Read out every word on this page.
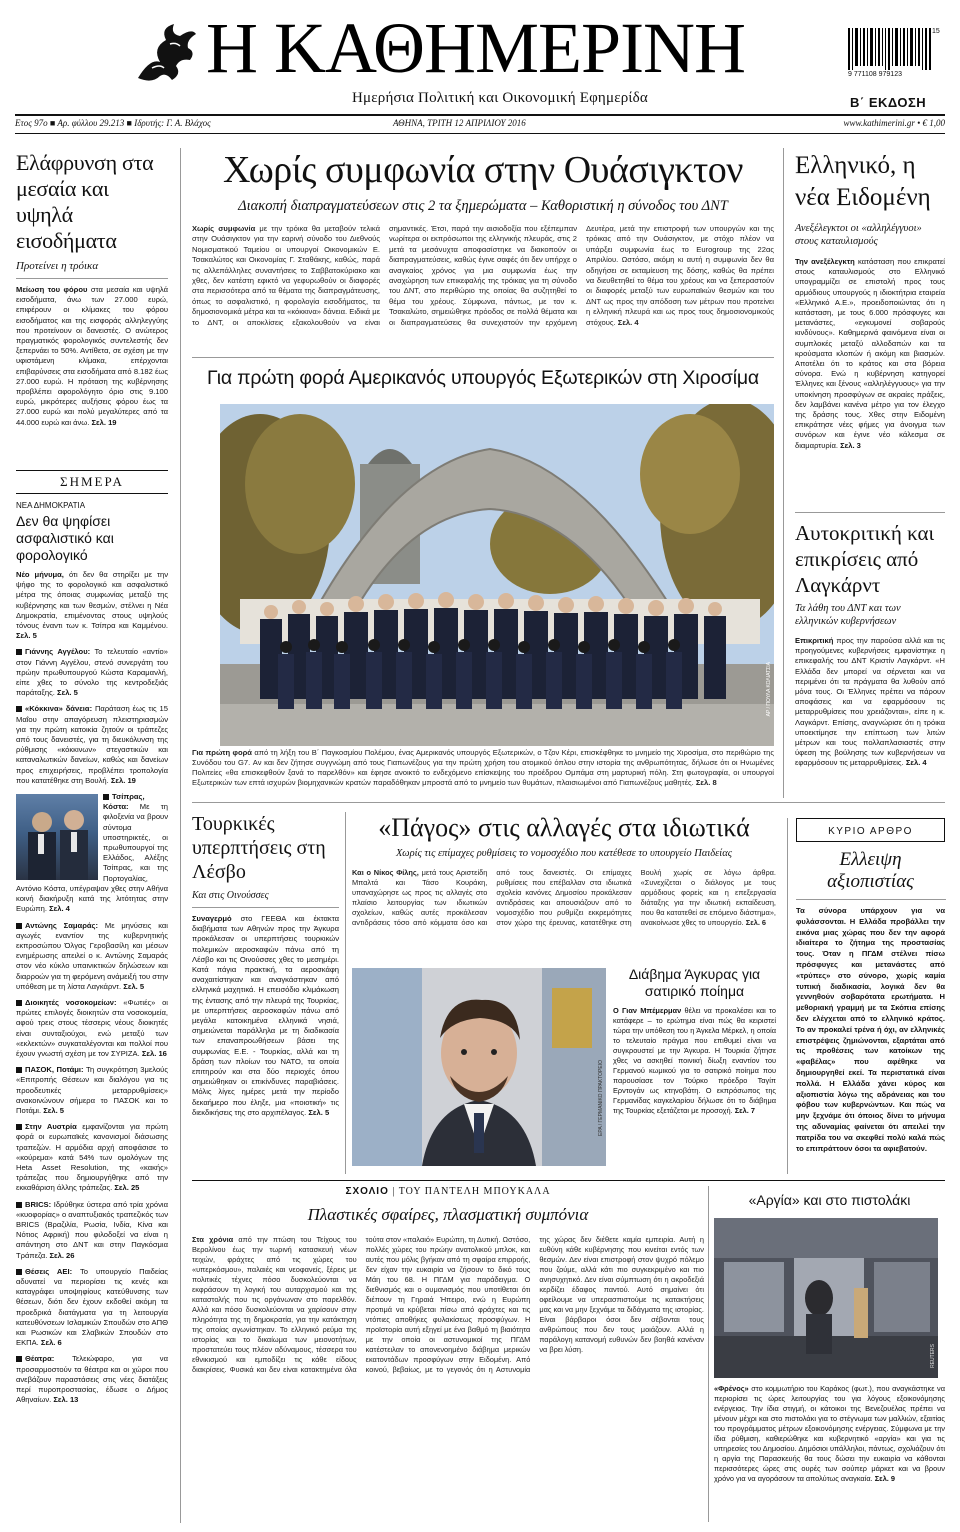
Η ΚΑΘΗΜΕΡΙΝΗ
Ημερήσια Πολιτική και Οικονομική Εφημερίδα
15
9 771108 979123
Β΄ ΕΚΔΟΣΗ
Ετος 97ο ■ Αρ. φύλλου 29.213 ■ Ιδρυτής: Γ. Α. Βλάχος	ΑΘΗΝΑ, ΤΡΙΤΗ 12 ΑΠΡΙΛΙΟΥ 2016	www.kathimerini.gr • € 1,00
Ελάφρυνση στα μεσαία και υψηλά εισοδήματα
Προτείνει η τρόικα
Μείωση του φόρου στα μεσαία και υψηλά εισοδήματα, άνω των 27.000 ευρώ, επιφέρουν οι κλίμακες του φόρου εισοδήματος και της εισφοράς αλληλεγγύης που προτείνουν οι δανειστές. Ο ανώτερος πραγματικός φορολογικός συντελεστής δεν ξεπερνάει το 50%. Αντίθετα, σε σχέση με την υφιστάμενη κλίμακα, επέρχονται επιβαρύνσεις στα εισοδήματα από 8.182 έως 27.000 ευρώ. Η πρόταση της κυβέρνησης προβλέπει αφορολόγητο όριο στις 9.100 ευρώ, μικρότερες αυξήσεις φόρου έως τα 27.000 ευρώ και πολύ μεγαλύτερες από τα 44.000 ευρώ και άνω. Σελ. 19
ΣΗΜΕΡΑ
ΝΕΑ ΔΗΜΟΚΡΑΤΙΑ
Δεν θα ψηφίσει ασφαλιστικό και φορολογικό
Νέο μήνυμα, ότι δεν θα στηρίξει με την ψήφο της το φορολογικό και ασφαλιστικό μέτρα της όποιας συμφωνίας μεταξύ της κυβέρνησης και των θεσμών, στέλνει η Νέα Δημοκρατία, επιμένοντας στους υψηλούς τόνους έναντι των κ. Τσίπρα και Καμμένου. Σελ. 5
Γιάννης Αγγέλου: Το τελευταίο «αντίο» στον Γιάννη Αγγέλου, στενό συνεργάτη του πρώην πρωθυπουργού Κώστα Καραμανλή, είπε χθες το σύνολο της κεντροδεξιάς παράταξης. Σελ. 5
«Κόκκινα» δάνεια: Παράταση έως τις 15 Μαΐου στην απαγόρευση πλειστηριασμών για την πρώτη κατοικία ζητούν οι τράπεζες από τους δανειστές, για τη διευκόλυνση της ρύθμισης «κόκκινων» στεγαστικών και καταναλωτικών δανείων, καθώς και δανείων προς επιχειρήσεις, προβλέπει τροπολογία που κατατέθηκε στη Βουλή. Σελ. 19
Τσίπρας, Κόστα: Με τη φιλοξενία να βρουν σύντομα υποστηρικτές, οι πρωθυπουργοί της Ελλάδος, Αλέξης Τσίπρας, και της Πορτογαλίας, Αντόνιο Κόστα, υπέγραψαν χθες στην Αθήνα κοινή διακήρυξη κατά της λιτότητας στην Ευρώπη. Σελ. 4
Αντώνης Σαμαράς: Με μηνύσεις και αγωγές εναντίον της κυβερνητικής εκπροσώπου Όλγας Γεροβασίλη και μέσων ενημέρωσης απειλεί ο κ. Αντώνης Σαμαράς στον νέο κύκλο υπαινικτικών δηλώσεων και διαρροών για τη φερόμενη ανάμειξή του στην υπόθεση με τη λίστα Λαγκάρντ. Σελ. 5
Διοικητές νοσοκομείων: «Φωτιές» οι πρώτες επιλογές διοικητών στα νοσοκομεία, αφού τρεις στους τέσσερις νέους διοικητές είναι συνταξιούχοι, ενώ μεταξύ των «εκλεκτών» συγκαταλέγονται και πολλοί που έχουν γνωστή σχέση με τον ΣΥΡΙΖΑ. Σελ. 16
ΠΑΣΟΚ, Ποτάμι: Τη συγκρότηση 3μελούς «Επιτροπής Θέσεων και διαλόγου για τις προοδευτικές μεταρρυθμίσεις» ανακοινώνουν σήμερα το ΠΑΣΟΚ και το Ποτάμι. Σελ. 5
Στην Αυστρία εμφανίζονται για πρώτη φορά οι ευρωπαϊκές κανονισμοί διάσωσης τραπεζών. Η αρμόδια αρχή αποφάσισε το «κούρεμα» κατά 54% των ομολόγων της Heta Asset Resolution, της «κακής» τράπεζας που δημιουργήθηκε από την εκκαθάριση άλλης τράπεζας. Σελ. 25
BRICS: Ιδρύθηκε ύστερα από τρία χρόνια «κυοφορίας» ο αναπτυξιακός τραπεζικός των BRICS (Βραζιλία, Ρωσία, Ινδία, Κίνα και Νότιος Αφρική) που φιλοδοξεί να είναι η απάντηση στο ΔΝΤ και στην Παγκόσμια Τράπεζα. Σελ. 26
Θέσεις ΑΕΙ: Το υπουργείο Παιδείας αδυνατεί να περιορίσει τις κενές και καταγράφει υποψηφίους κατεύθυνσης των θέσεων, διότι δεν έχουν εκδοθεί ακόμη τα προεδρικά διατάγματα για τη λειτουργία κατευθύνσεων Ισλαμικών Σπουδών στο ΑΠΘ και Ρωσικών και Σλαβικών Σπουδών στο ΕΚΠΑ. Σελ. 6
Θέατρα: Τελειώφαρο, για να προσαρμοστούν τα θέατρα και οι χώροι που ανεβάζουν παραστάσεις στις νέες διατάξεις περί πυροπροστασίας, έδωσε ο Δήμος Αθηναίων. Σελ. 13
Χωρίς συμφωνία στην Ουάσιγκτον
Διακοπή διαπραγματεύσεων στις 2 τα ξημερώματα – Καθοριστική η σύνοδος του ΔΝΤ
Χωρίς συμφωνία με την τρόικα θα μεταβούν τελικά στην Ουάσιγκτον για την εαρινή σύνοδο του Διεθνούς Νομισματικού Ταμείου οι υπουργοί Οικονομικών Ε. Τσακαλώτος και Οικονομίας Γ. Σταθάκης, καθώς, παρά τις αλλεπάλληλες συναντήσεις το Σαββατοκύριακο και χθες, δεν κατέστη εφικτό να γεφυρωθούν οι διαφορές στα περισσότερα από τα θέματα της διαπραγμάτευσης, όπως το ασφαλιστικό, η φορολογία εισοδήματος, τα δημοσιονομικά μέτρα και τα «κόκκινα» δάνεια. Ειδικά με το ΔΝΤ, οι αποκλίσεις εξακολουθούν να είναι σημαντικές. Έτσι, παρά την αισιοδοξία που εξέπεμπαν νωρίτερα οι εκπρόσωποι της ελληνικής πλευράς, στις 2 μετά τα μεσάνυχτα αποφασίστηκε να διακοπούν οι διαπραγματεύσεις, καθώς έγινε σαφές ότι δεν υπήρχε ο αναγκαίος χρόνος για μια συμφωνία έως την αναχώρηση των επικεφαλής της τρόικας για τη σύνοδο του ΔΝΤ, στο περιθώριο της οποίας θα συζητηθεί το θέμα του χρέους. Σύμφωνα, πάντως, με τον κ. Τσακαλώτο, σημειώθηκε πρόοδος σε πολλά θέματα και οι διαπραγματεύσεις θα συνεχιστούν την ερχόμενη Δευτέρα, μετά την επιστροφή των υπουργών και της τρόικας από την Ουάσιγκτον, με στόχο πλέον να υπάρξει συμφωνία έως το Eurogroup της 22ας Απριλίου. Ωστόσο, ακόμη κι αυτή η συμφωνία δεν θα οδηγήσει σε εκταμίευση της δόσης, καθώς θα πρέπει να διευθετηθεί το θέμα του χρέους και να ξεπεραστούν οι διαφορές μεταξύ των ευρωπαϊκών θεσμών και του ΔΝΤ ως προς την απόδοση των μέτρων που προτείνει η ελληνική πλευρά και ως προς τους δημοσιονομικούς στόχους. Σελ. 4
Για πρώτη φορά Αμερικανός υπουργός Εξωτερικών στη Χιροσίμα
AP / ΠΟΥΛΑ ΚΟΛΙΑΤΣΙΑ
Για πρώτη φορά από τη λήξη του Β΄ Παγκοσμίου Πολέμου, ένας Αμερικανός υπουργός Εξωτερικών, ο Τζον Κέρι, επισκέφθηκε το μνημείο της Χιροσίμα, στο περιθώριο της Συνόδου του G7. Αν και δεν ζήτησε συγγνώμη από τους Γιαπωνέζους για την πρώτη χρήση του ατομικού όπλου στην ιστορία της ανθρωπότητας, δήλωσε ότι οι Ηνωμένες Πολιτείες «θα επισκεφθούν ξανά το παρελθόν» και έφησε ανοικτό το ενδεχόμενο επίσκεψης του προέδρου Ομπάμα στη μαρτυρική πόλη. Στη φωτογραφία, οι υπουργοί Εξωτερικών των επτά ισχυρών βιομηχανικών κρατών παραδόθηκαν μπροστά από το μνημείο των θυμάτων, πλαισιωμένοι από Γιαπωνέζους μαθητές. Σελ. 8
Ελληνικό, η νέα Ειδομένη
Ανεξέλεγκτοι οι «αλληλέγγυοι» στους καταυλισμούς
Την ανεξέλεγκτη κατάσταση που επικρατεί στους καταυλισμούς στο Ελληνικό υπογραμμίζει σε επιστολή προς τους αρμόδιους υπουργούς η ιδιοκτήτρια εταιρεία «Ελληνικό Α.Ε.», προειδοποιώντας ότι η κατάσταση, με τους 6.000 πρόσφυγες και μετανάστες, «εγκυμονεί σοβαρούς κινδύνους». Καθημερινά φαινόμενα είναι οι συμπλοκές μεταξύ αλλοδαπών και τα κρούσματα κλοπών ή ακόμη και βιασμών. Αποτέλει ότι το κράτος και στα βόρεια σύνορα. Ενώ η κυβέρνηση κατηγορεί Έλληνες και ξένους «αλληλέγγυους» για την υποκίνηση προσφύγων σε ακραίες πράξεις, δεν λαμβάνει κανένα μέτρο για τον έλεγχο της δράσης τους. Χθες στην Ειδομένη επικράτησε νέες φήμες για άνοιγμα των συνόρων και έγινε νέο κάλεσμα σε διαμαρτυρία. Σελ. 3
Αυτοκριτική και επικρίσεις από Λαγκάρντ
Τα λάθη του ΔΝΤ και των ελληνικών κυβερνήσεων
Επικριτική προς την παρούσα αλλά και τις προηγούμενες κυβερνήσεις εμφανίστηκε η επικεφαλής του ΔΝΤ Κριστίν Λαγκάρντ. «Η Ελλάδα δεν μπορεί να σέρνεται και να περιμένει ότι τα πράγματα θα λυθούν από μόνα τους. Οι Έλληνες πρέπει να πάρουν αποφάσεις και να εφαρμόσουν τις μεταρρυθμίσεις που χρειάζονται», είπε η κ. Λαγκάρντ. Επίσης, αναγνώρισε ότι η τρόικα υποεκτίμησε την επίπτωση των λιτών μέτρων και τους πολλαπλασιαστές στην ύφεση της βούλησης των κυβερνήσεων να εφαρμόσουν τις μεταρρυθμίσεις. Σελ. 4
Τουρκικές υπερπτήσεις στη Λέσβο
Και στις Οινούσσες
Συναγερμό στο ΓΕΕΘΑ και έκτακτα διαβήματα των Αθηνών προς την Άγκυρα προκάλεσαν οι υπερπτήσεις τουρκικών πολεμικών αεροσκαφών πάνω από τη Λέσβο και τις Οινούσσες χθες το μεσημέρι. Κατά πάγια πρακτική, τα αεροσκάφη αναχαιτίστηκαν και αναγκάστηκαν από ελληνικά μαχητικά. Η επεισόδιο κλιμάκωση της έντασης από την πλευρά της Τουρκίας, με υπερπτήσεις αεροσκαφών πάνω από μεγάλα κατοικημένα ελληνικά νησιά, σημειώνεται παράλληλα με τη διαδικασία των επαναπροωθήσεων βάσει της συμφωνίας Ε.Ε. - Τουρκίας, αλλά και τη δράση των πλοίων του ΝΑΤΟ, τα οποία επιτηρούν και στα δύο περιοχές όπου σημειώθηκαν οι επικίνδυνες παραβιάσεις. Μόλις λίγες ημέρες μετά την περίοδο δεκαήμερο που έληξε, μια «ποιοτική» τις διεκδικήσεις της στο αρχιπέλαγος. Σελ. 5
«Πάγος» στις αλλαγές στα ιδιωτικά
Χωρίς τις επίμαχες ρυθμίσεις το νομοσχέδιο που κατέθεσε το υπουργείο Παιδείας
Και ο Νίκος Φίλης, μετά τους Αριστείδη Μπαλτά και Τάσο Κουράκη, υπαναχώρησε ως προς τις αλλαγές στο πλαίσιο λειτουργίας των ιδιωτικών σχολείων, καθώς αυτές προκάλεσαν αντιδράσεις τόσο από κόμματα όσο και από τους δανειστές. Οι επίμαχες ρυθμίσεις που επέβαλλαν στα ιδιωτικά σχολεία κανόνες Δημοσίου προκάλεσαν αντιδράσεις και απουσιάζουν από το νομοσχέδιο που ρυθμίζει εκκρεμότητες στον χώρο της έρευνας, κατατέθηκε στη Βουλή χωρίς σε λόγω άρθρα. «Συνεχίζεται ο διάλογος με τους αρμόδιους φορείς και η επεξεργασία διάταξης για την ιδιωτική εκπαίδευση, που θα κατατεθεί σε επόμενο διάστημα», ανακοίνωσε χθες το υπουργείο. Σελ. 6
EPA / ΓΕΡΜΑΝΙΚΟ ΠΡΑΚΤΟΡΕΙΟ
Διάβημα Άγκυρας για σατιρικό ποίημα
Ο Γιαν Μπέμερμαν θέλει να προκαλέσει και το κατάφερε – το ερώτημα είναι πώς θα κειριστεί τώρα την υπόθεση του η Άγκελα Μέρκελ, η οποία το τελευταίο πράγμα που επιθυμεί είναι να συγκρουστεί με την Άγκυρα. Η Τουρκία ζήτησε χθες να ασκηθεί ποινική δίωξη εναντίον του Γερμανού κωμικού για το σατιρικό ποίημα που παρουσίασε τον Τούρκο πρόεδρο Ταγίπ Ερντογάν ως κτηνοβάτη. Ο εκπρόσωπος της Γερμανίδας καγκελαρίου δήλωσε ότι το διάβημα της Τουρκίας εξετάζεται με προσοχή. Σελ. 7
ΚΥΡΙΟ ΑΡΘΡΟ
Ελλειψη αξιοπιστίας
Τα σύνορα υπάρχουν για να φυλάσσονται. Η Ελλάδα προβάλλει την εικόνα μιας χώρας που δεν την αφορά ιδιαίτερα το ζήτημα της προστασίας τους. Όταν η ΠΓΔΜ στέλνει πίσω πρόσφυγες και μετανάστες από «τρύπες» στο σύνορο, χωρίς καμία τυπική διαδικασία, λογικά δεν θα γεννηθούν σοβαρότατα ερωτήματα. Η μεθοριακή γραμμή με τα Σκόπια επίσης δεν ελέγχεται από το ελληνικό κράτος. Το αν προκαλεί τρένα ή όχι, αν ελληνικές επιστρέψεις ζημιώνονται, εξαρτάται από τις προθέσεις των κατοίκων της «φαβέλας» που αφέθηκε να δημιουργηθεί εκεί. Τα περιστατικά είναι πολλά. Η Ελλάδα χάνει κύρος και αξιοπιστία λόγω της αδράνειας και του φόβου των κυβερνώντων. Και πώς να μην ξεχνάμε ότι όποιος δίνει το μήνυμα της αδυναμίας φαίνεται ότι απειλεί την πατρίδα του να σκεφθεί πολύ καλά πώς το επιπράττουν όσοι τα αφιεβατούν.
ΣΧΟΛΙΟ | ΤΟΥ ΠΑΝΤΕΛΗ ΜΠΟΥΚΑΛΑ
Πλαστικές σφαίρες, πλασματική συμπόνια
Στα χρόνια από την πτώση του Τείχους του Βερολίνου έως την τωρινή κατασκευή νέων τειχών, φράχτες από τις χώρες του «υπερκόσμου», παλαιές και νεοφανείς, ξέρεις με πολιτικές τέχνες πόσο δυσκολεύονται να εκφράσουν τη λογική του αυταρχισμού και της καταστολής που τις οργάνωναν στο παρελθόν. Αλλά και πόσο δυσκολεύονται να χαρίσουν στην πληρότητα της τη δημοκρατία, για την κατάκτηση της οποίας αγωνίστηκαν. Το ελληνικό ρεύμα της ιστορίας και το δικαίωμα των μειονοτήτων, προστατεύει τους πλέον αδύναμους, τέσσερα του εθνικισμού και εμποδίζει τις κάθε είδους διακρίσεις. Φυσικά και δεν είναι κατακτημένα όλα τούτα στον «παλαιό» Ευρώπη, τη Δυτική. Ωστόσο, πολλές χώρες του πρώην ανατολικού μπλοκ, και αυτές που μόλις βγήκαν από τη σφαίρα επιρροής, δεν είχαν την ευκαιρία να ζήσουν το δικό τους Μάη του 68. Η ΠΓΔΜ για παράδειγμα. Ο διεθνισμός και ο ουμανισμός που υποτίθεται ότι διέπουν τη Γηραιά Ήπειρο, ενώ η Ευρώπη προτιμά να κρύβεται πίσω από φράχτες και τις ντόπιες αποθήκες φυλακίσεως προσφύγων. Η προϊστορία αυτή εξηγεί με ένα βαθμό τη βιαιότητα με την οποία οι αστυνομικοί της ΠΓΔΜ κατέστειλαν το απονενοημένο διάβημα μερικών εκατοντάδων προσφύγων στην Ειδομένη. Από κοινού, βεβαίως, με το γεγονός ότι η Αστυνομία της χώρας δεν διέθετε καμία εμπειρία. Αυτή η ευθύνη κάθε κυβέρνησης που κινείται εντός των θεσμών. Δεν είναι επιστροφή στον ψυχρό πόλεμο που ζούμε, αλλά κάτι πιο συγκεκριμένο και πιο ανησυχητικό. Δεν είναι σύμπτωση ότι η ακροδεξιά κερδίζει έδαφος παντού. Αυτό σημαίνει ότι οφείλουμε να υπερασπιστούμε τις κατακτήσεις μας και να μην ξεχνάμε τα διδάγματα της ιστορίας. Είναι βάρβαροι όσοι δεν σέβονται τους ανθρώπους που δεν τους μοιάζουν. Αλλά η παράλογη κατανομή ευθυνών δεν βοηθά κανέναν να βρει λύση.
«Αργία» και στο πιστολάκι
REUTERS
«Φρένος» στο κομμωτήριο του Καράκος (φωτ.), που αναγκάστηκε να περιορίσει τις ώρες λειτουργίας του για λόγους εξοικονόμησης ενέργειας. Την ίδια στιγμή, οι κάτοικοι της Βενεζουέλας πρέπει να μένουν μέχρι και στο πιστολάκι για το στέγνωμα των μαλλιών, εξαιτίας του προγράμματος μέτρων εξοικονόμησης ενέργειας. Σύμφωνα με την ίδια ρύθμιση, καθιερώθηκε και κυβερνητικό «αργία» και για τις υπηρεσίες του Δημοσίου. Δημόσιοι υπάλληλοι, πάντως, σχολιάζουν ότι η αργία της Παρασκευής θα τους δώσει την ευκαιρία να κάθονται περισσότερες ώρες στις ουρές των σούπερ μάρκετ και να βρουν χρόνο για να αγοράσουν τα απολύτως αναγκαία. Σελ. 9
